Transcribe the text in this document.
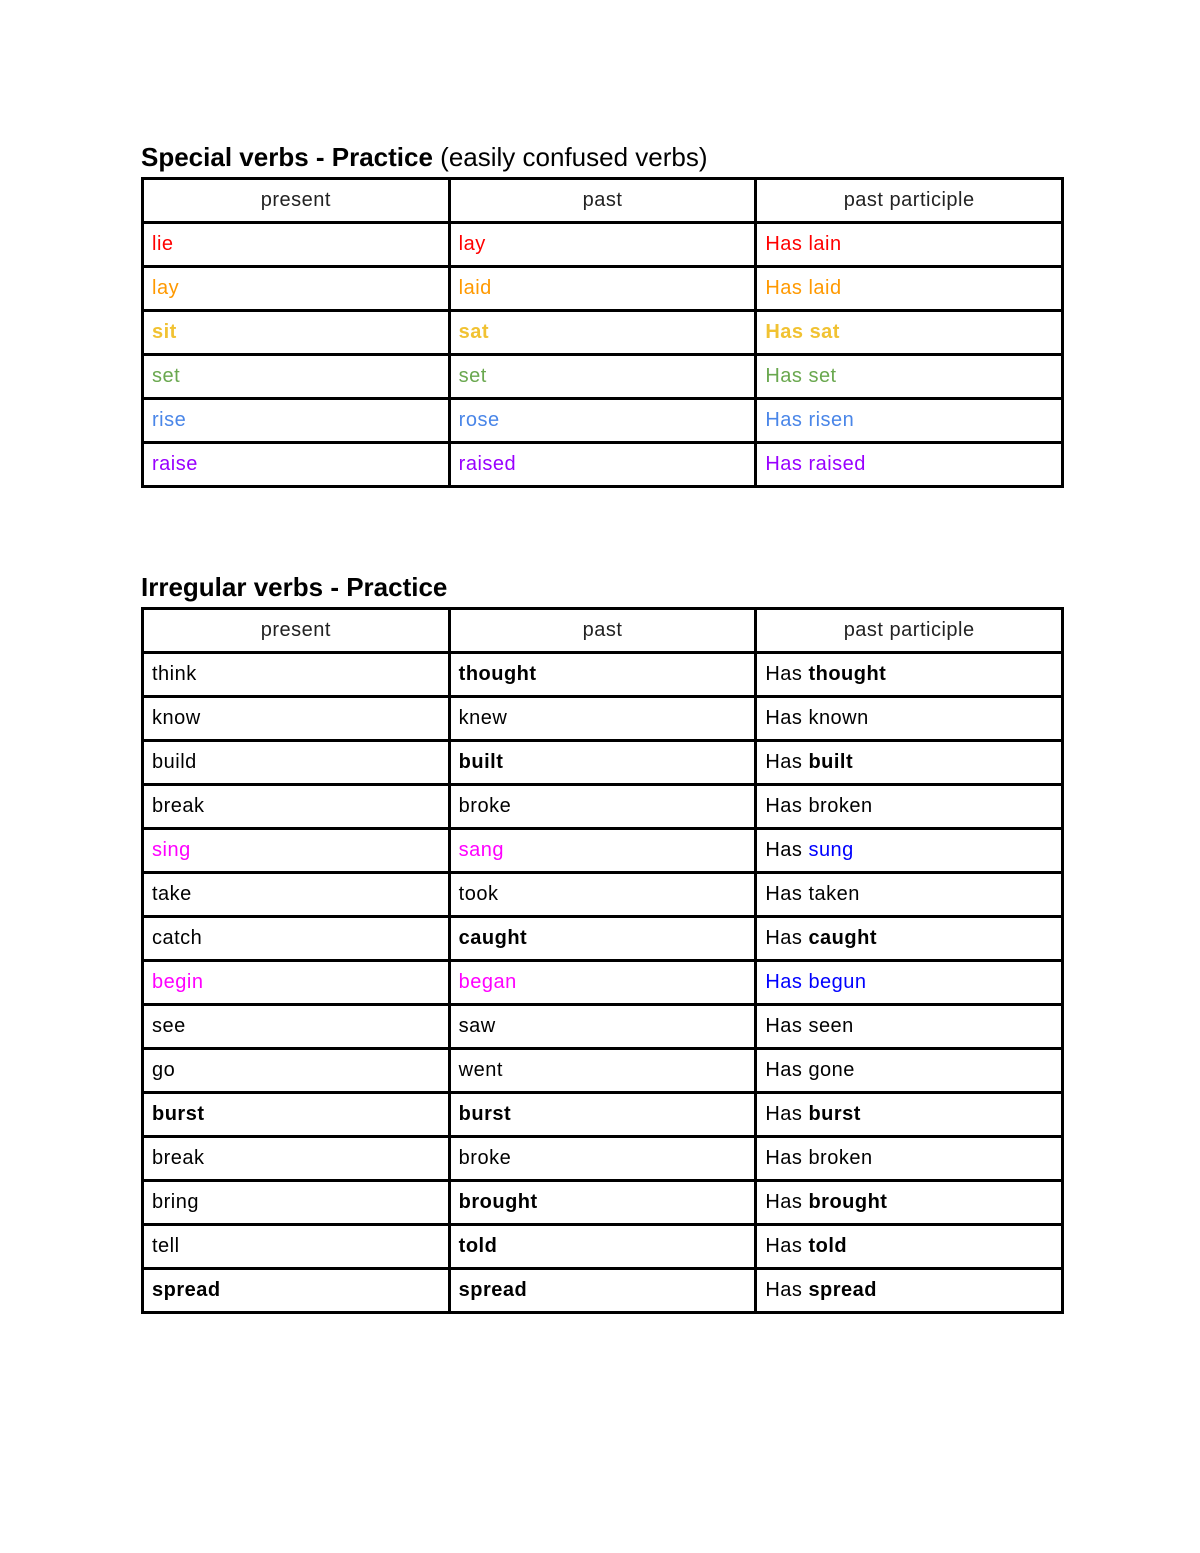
Special verbs - Practice (easily confused verbs)
present	past	past participle
lie	lay	Has lain
lay	laid	Has laid
sit	sat	Has sat
set	set	Has set
rise	rose	Has risen
raise	raised	Has raised
Irregular verbs - Practice
present	past	past participle
think	thought	Has thought
know	knew	Has known
build	built	Has built
break	broke	Has broken
sing	sang	Has sung
take	took	Has taken
catch	caught	Has caught
begin	began	Has begun
see	saw	Has seen
go	went	Has gone
burst	burst	Has burst
break	broke	Has broken
bring	brought	Has brought
tell	told	Has told
spread	spread	Has spread
